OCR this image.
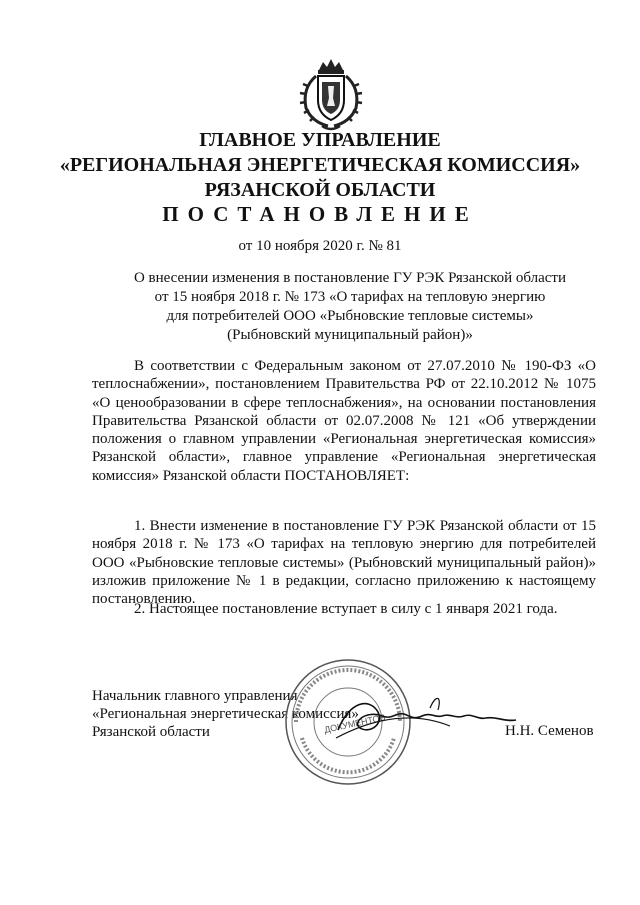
ГЛАВНОЕ УПРАВЛЕНИЕ
«РЕГИОНАЛЬНАЯ ЭНЕРГЕТИЧЕСКАЯ КОМИССИЯ»
РЯЗАНСКОЙ ОБЛАСТИ
ПОСТАНОВЛЕНИЕ
от 10 ноября 2020 г. № 81
О внесении изменения в постановление ГУ РЭК Рязанской области
от 15 ноября 2018 г. № 173 «О тарифах на тепловую энергию
для потребителей ООО «Рыбновские тепловые системы»
(Рыбновский муниципальный район)»
В соответствии с Федеральным законом от 27.07.2010 № 190-ФЗ «О теплоснабжении», постановлением Правительства РФ от 22.10.2012 № 1075 «О ценообразовании в сфере теплоснабжения», на основании постановления Правительства Рязанской области от 02.07.2008 № 121 «Об утверждении положения о главном управлении «Региональная энергетическая комиссия» Рязанской области», главное управление «Региональная энергетическая комиссия» Рязанской области ПОСТАНОВЛЯЕТ:
1. Внести изменение в постановление ГУ РЭК Рязанской области от 15 ноября 2018 г. № 173 «О тарифах на тепловую энергию для потребителей ООО «Рыбновские тепловые системы» (Рыбновский муниципальный район)» изложив приложение № 1 в редакции, согласно приложению к настоящему постановлению.
2. Настоящее постановление вступает в силу с 1 января 2021 года.
Начальник главного управления
«Региональная энергетическая комиссия»
Рязанской области	ДОКУМЕНТОВ	Н.Н. Семенов
